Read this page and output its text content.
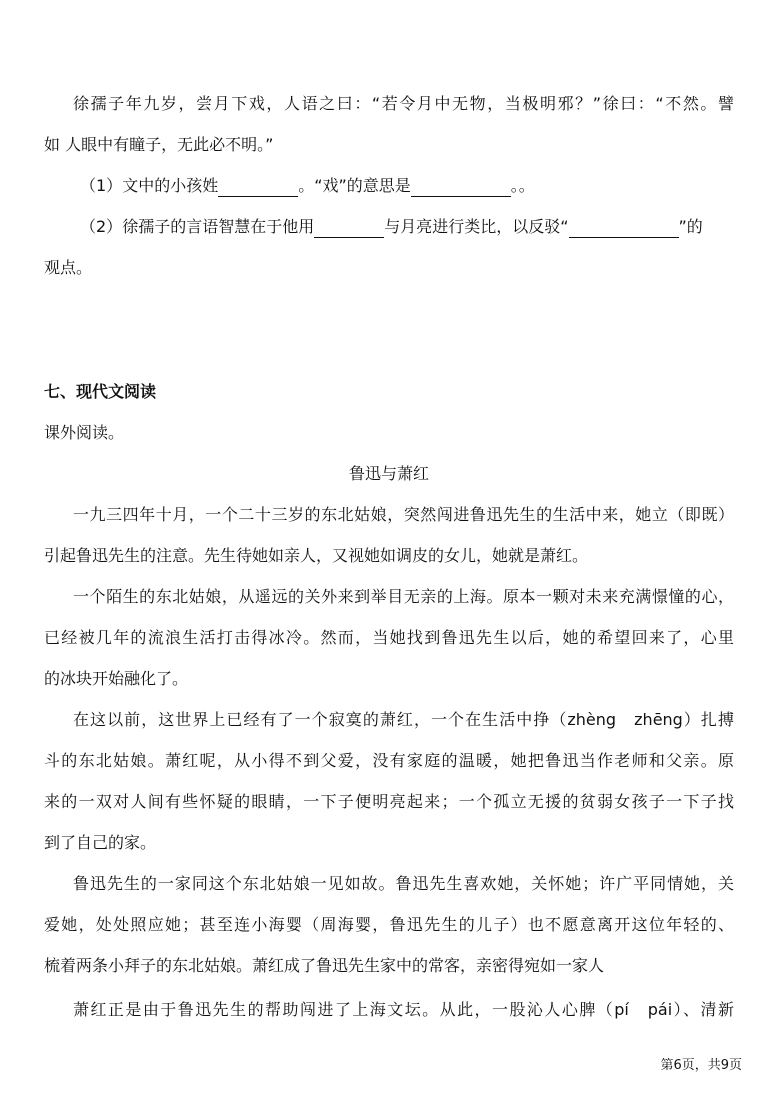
徐孺子年九岁，尝月下戏，人语之曰：“若令月中无物，当极明邪？”徐曰：“不然。譬
如 人眼中有瞳子，无此必不明。”
（1）文中的小孩姓	。“戏”的意思是	。。
（2）徐孺子的言语智慧在于他用	与月亮进行类比，以反驳“	”的
观点。
七、现代文阅读
课外阅读。
鲁迅与萧红
一九三四年十月，一个二十三岁的东北姑娘，突然闯进鲁迅先生的生活中来，她立（即既）
引起鲁迅先生的注意。先生待她如亲人，又视她如调皮的女儿，她就是萧红。
一个陌生的东北姑娘，从遥远的关外来到举目无亲的上海。原本一颗对未来充满憬憧的心，
已经被几年的流浪生活打击得冰冷。然而，当她找到鲁迅先生以后，她的希望回来了，心里
的冰块开始融化了。
在这以前，这世界上已经有了一个寂寞的萧红，一个在生活中挣（zhèng　zhēng）扎搏
斗的东北姑娘。萧红呢，从小得不到父爱，没有家庭的温暖，她把鲁迅当作老师和父亲。原
来的一双对人间有些怀疑的眼睛，一下子便明亮起来；一个孤立无援的贫弱女孩子一下子找
到了自己的家。
鲁迅先生的一家同这个东北姑娘一见如故。鲁迅先生喜欢她，关怀她；许广平同情她，关
爱她，处处照应她；甚至连小海婴（周海婴，鲁迅先生的儿子）也不愿意离开这位年轻的、
梳着两条小拜子的东北姑娘。萧红成了鲁迅先生家中的常客，亲密得宛如一家人
萧红正是由于鲁迅先生的帮助闯进了上海文坛。从此，一股沁人心脾（pí　pái）、清新
第6页，共9页
